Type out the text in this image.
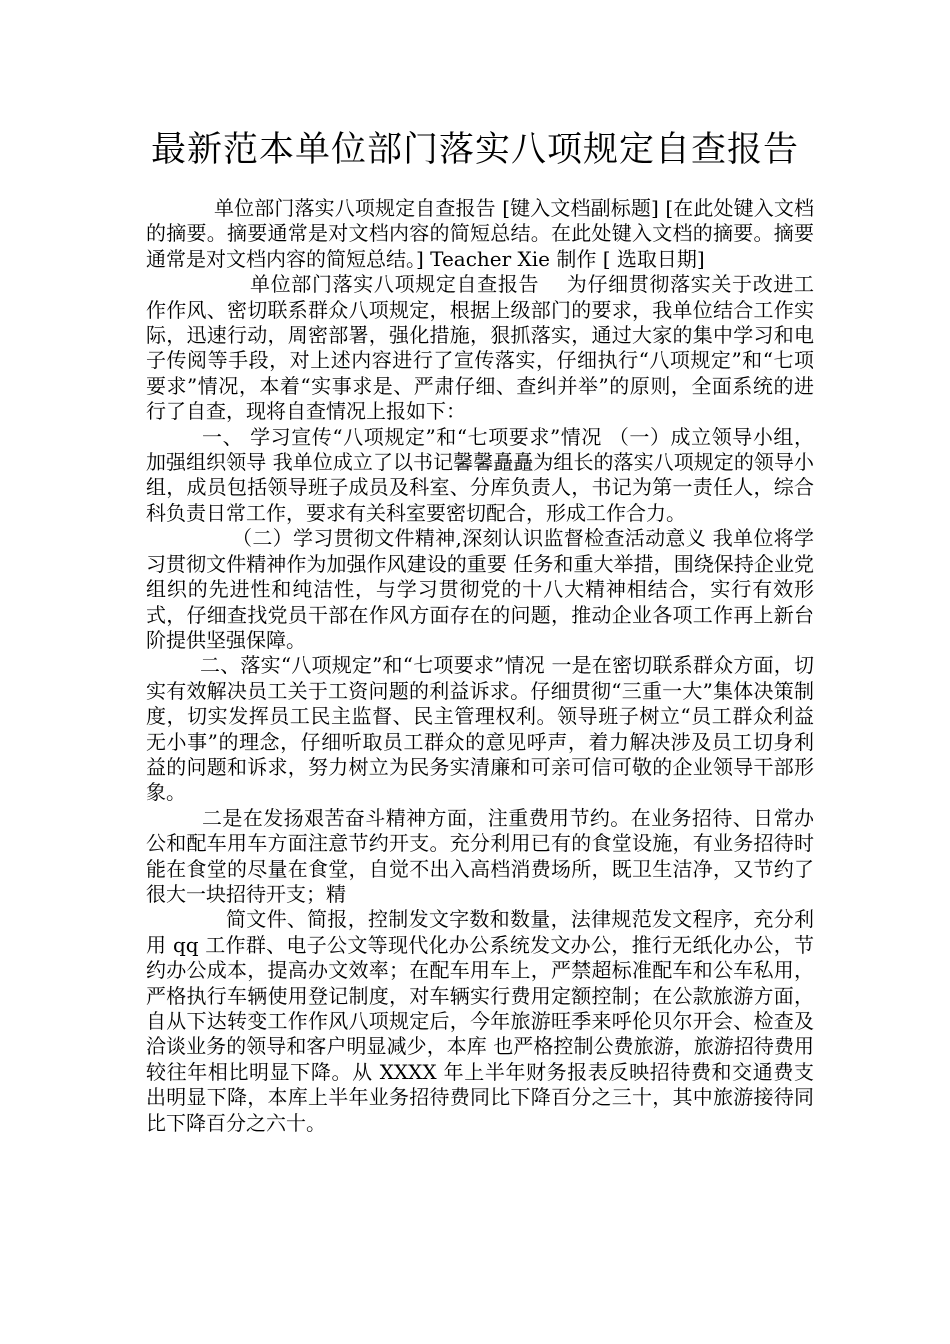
最新范本单位部门落实八项规定自查报告

单位部门落实八项规定自查报告 [键入文档副标题] [在此处键入文档的摘要。摘要通常是对文档内容的简短总结。在此处键入文档的摘要。摘要通常是对文档内容的简短总结。] Teacher Xie 制作 [ 选取日期]

单位部门落实八项规定自查报告　 为仔细贯彻落实关于改进工作作风、密切联系群众八项规定，根据上级部门的要求，我单位结合工作实际，迅速行动，周密部署，强化措施，狠抓落实，通过大家的集中学习和电子传阅等手段，对上述内容进行了宣传落实，仔细执行“八项规定”和“七项要求”情况，本着“实事求是、严肃仔细、查纠并举”的原则，全面系统的进行了自查，现将自查情况上报如下：

一、 学习宣传“八项规定”和“七项要求”情况 （一）成立领导小组，加强组织领导 我单位成立了以书记馨馨矗矗为组长的落实八项规定的领导小组，成员包括领导班子成员及科室、分库负责人，书记为第一责任人，综合科负责日常工作，要求有关科室要密切配合，形成工作合力。

（二）学习贯彻文件精神,深刻认识监督检查活动意义 我单位将学习贯彻文件精神作为加强作风建设的重要 任务和重大举措，围绕保持企业党组织的先进性和纯洁性，与学习贯彻党的十八大精神相结合，实行有效形式，仔细查找党员干部在作风方面存在的问题，推动企业各项工作再上新台阶提供坚强保障。

二、落实“八项规定”和“七项要求”情况 一是在密切联系群众方面，切实有效解决员工关于工资问题的利益诉求。仔细贯彻“三重一大”集体决策制度，切实发挥员工民主监督、民主管理权利。领导班子树立“员工群众利益无小事”的理念，仔细听取员工群众的意见呼声，着力解决涉及员工切身利益的问题和诉求，努力树立为民务实清廉和可亲可信可敬的企业领导干部形象。

二是在发扬艰苦奋斗精神方面，注重费用节约。在业务招待、日常办公和配车用车方面注意节约开支。充分利用已有的食堂设施，有业务招待时能在食堂的尽量在食堂，自觉不出入高档消费场所，既卫生洁净，又节约了很大一块招待开支；精

简文件、简报，控制发文字数和数量，法律规范发文程序，充分利用 qq 工作群、电子公文等现代化办公系统发文办公，推行无纸化办公，节约办公成本，提高办文效率；在配车用车上，严禁超标准配车和公车私用，严格执行车辆使用登记制度，对车辆实行费用定额控制；在公款旅游方面，自从下达转变工作作风八项规定后，今年旅游旺季来呼伦贝尔开会、检查及洽谈业务的领导和客户明显减少，本库 也严格控制公费旅游，旅游招待费用较往年相比明显下降。从 XXXX 年上半年财务报表反映招待费和交通费支出明显下降，本库上半年业务招待费同比下降百分之三十，其中旅游接待同比下降百分之六十。
